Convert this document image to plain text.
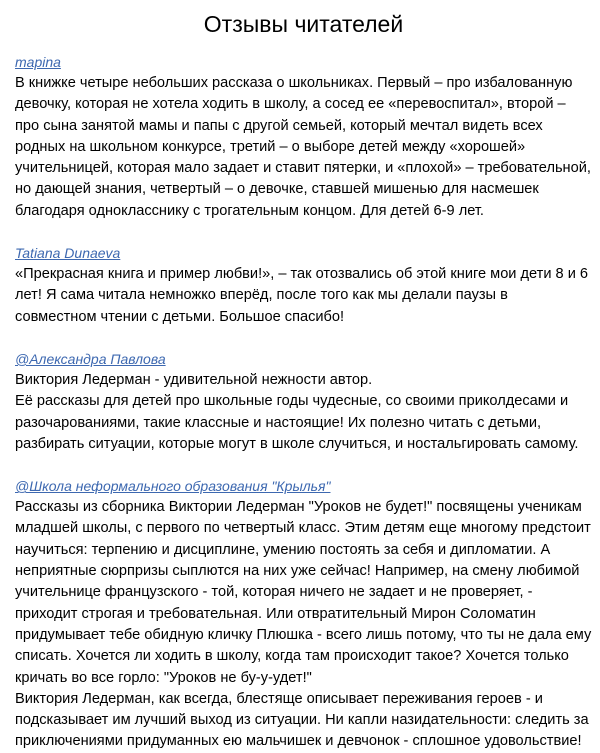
Отзывы читателей
mapina

В книжке четыре небольших рассказа о школьниках. Первый – про избалованную девочку, которая не хотела ходить в школу, а сосед ее «перевоспитал», второй – про сына занятой мамы и папы с другой семьей, который мечтал видеть всех родных на школьном конкурсе, третий – о выборе детей между «хорошей» учительницей, которая мало задает и ставит пятерки, и «плохой» – требовательной, но дающей знания, четвертый – о девочке, ставшей мишенью для насмешек благодаря однокласснику с трогательным концом. Для детей 6-9 лет.

Tatiana Dunaeva

«Прекрасная книга и пример любви!», – так отозвались об этой книге мои дети 8 и 6 лет! Я сама читала немножко вперёд, после того как мы делали паузы в совместном чтении с детьми. Большое спасибо!

@Александра Павлова

Виктория Ледерман - удивительной нежности автор.
Её рассказы для детей про школьные годы чудесные, со своими приколдесами и разочарованиями, такие классные и настоящие! Их полезно читать с детьми, разбирать ситуации, которые могут в школе случиться, и ностальгировать самому.

@Школа неформального образования "Крылья"

Рассказы из сборника Виктории Ледерман "Уроков не будет!" посвящены ученикам младшей школы, с первого по четвертый класс. Этим детям еще многому предстоит научиться: терпению и дисциплине, умению постоять за себя и дипломатии. А неприятные сюрпризы сыплются на них уже сейчас! Например, на смену любимой учительнице французского - той, которая ничего не задает и не проверяет, - приходит строгая и требовательная. Или отвратительный Мирон Соломатин придумывает тебе обидную кличку Плюшка - всего лишь потому, что ты не дала ему списать. Хочется ли ходить в школу, когда там происходит такое? Хочется только кричать во все горло: "Уроков не бу-у-удет!"
Виктория Ледерман, как всегда, блестяще описывает переживания героев - и подсказывает им лучший выход из ситуации. Ни капли назидательности: следить за приключениями придуманных ею мальчишек и девчонок - сплошное удовольствие!
